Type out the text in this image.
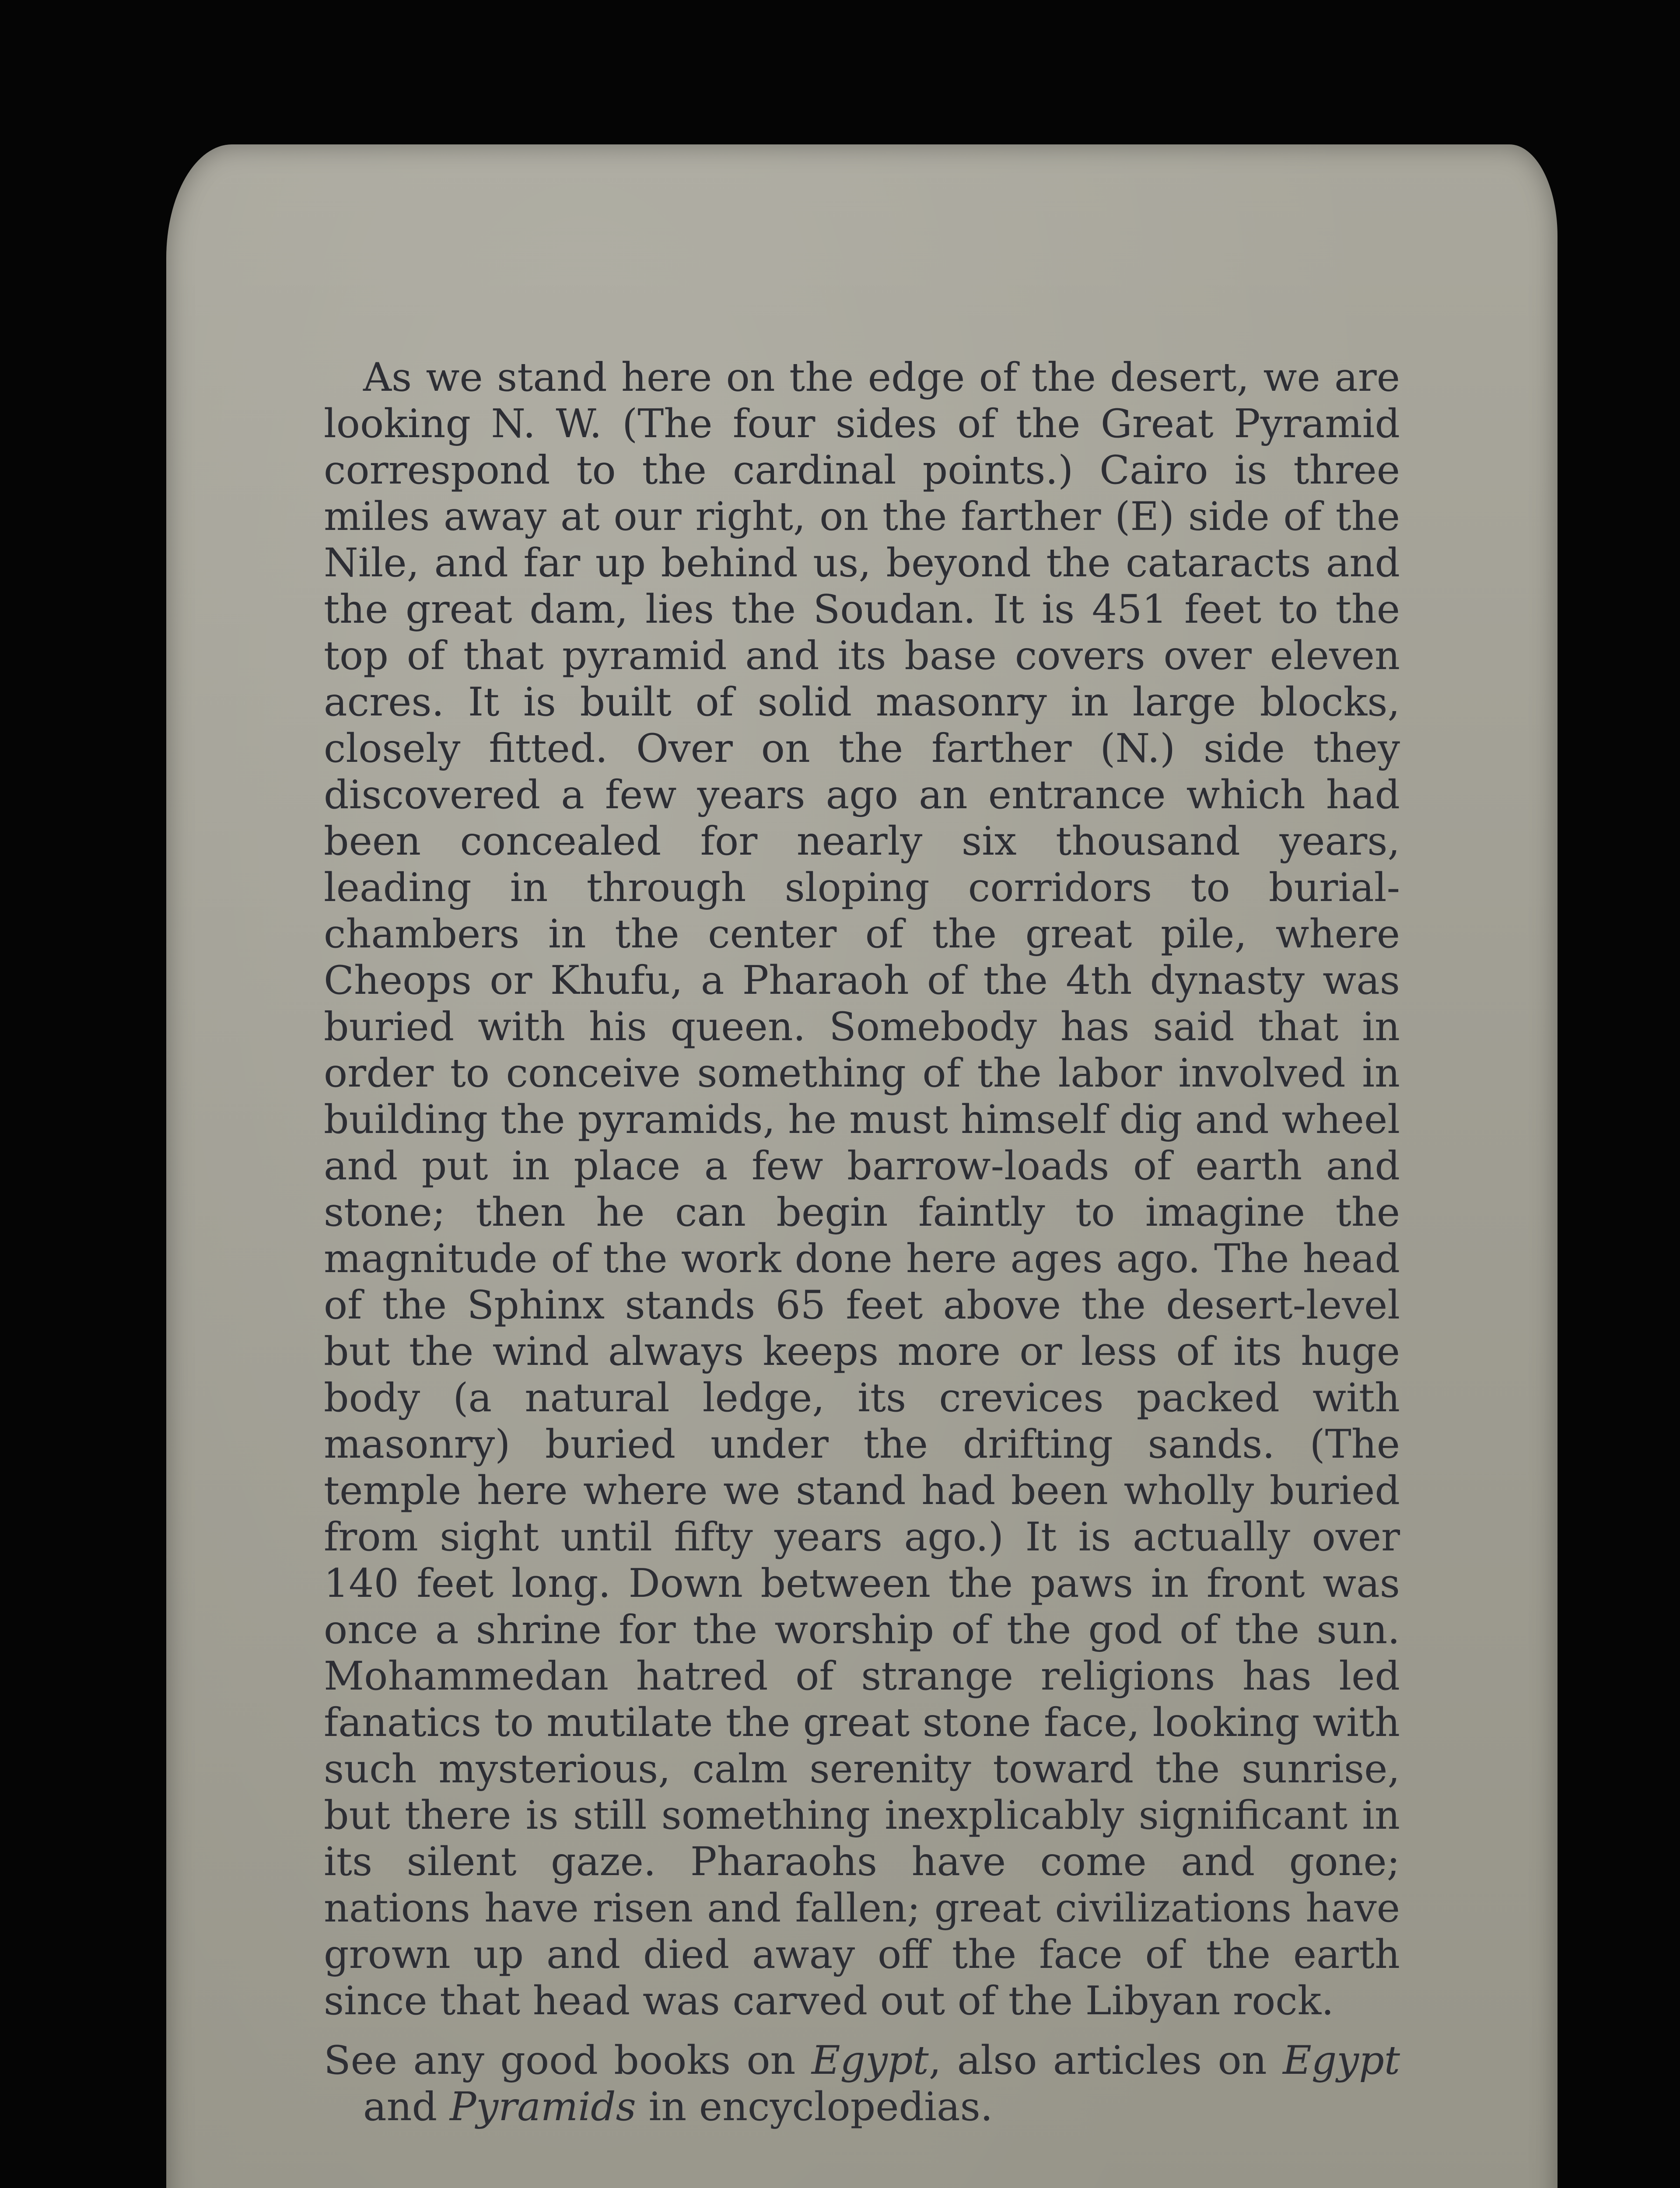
As we stand here on the edge of the desert, we are looking N. W. (The four sides of the Great Pyramid correspond to the cardinal points.) Cairo is three miles away at our right, on the farther (E) side of the Nile, and far up behind us, beyond the cataracts and the great dam, lies the Soudan. It is 451 feet to the top of that pyramid and its base covers over eleven acres. It is built of solid masonry in large blocks, closely fitted. Over on the farther (N.) side they discovered a few years ago an entrance which had been concealed for nearly six thousand years, leading in through sloping corridors to burial-chambers in the center of the great pile, where Cheops or Khufu, a Pharaoh of the 4th dynasty was buried with his queen. Somebody has said that in order to conceive something of the labor involved in building the pyramids, he must himself dig and wheel and put in place a few barrow-loads of earth and stone; then he can begin faintly to imagine the magnitude of the work done here ages ago. The head of the Sphinx stands 65 feet above the desert-level but the wind always keeps more or less of its huge body (a natural ledge, its crevices packed with masonry) buried under the drifting sands. (The temple here where we stand had been wholly buried from sight until fifty years ago.) It is actually over 140 feet long. Down between the paws in front was once a shrine for the worship of the god of the sun. Mohammedan hatred of strange religions has led fanatics to mutilate the great stone face, looking with such mysterious, calm serenity toward the sunrise, but there is still something inexplicably significant in its silent gaze. Pharaohs have come and gone; nations have risen and fallen; great civilizations have grown up and died away off the face of the earth since that head was carved out of the Libyan rock.

See any good books on Egypt, also articles on Egypt and Pyramids in encyclopedias.
